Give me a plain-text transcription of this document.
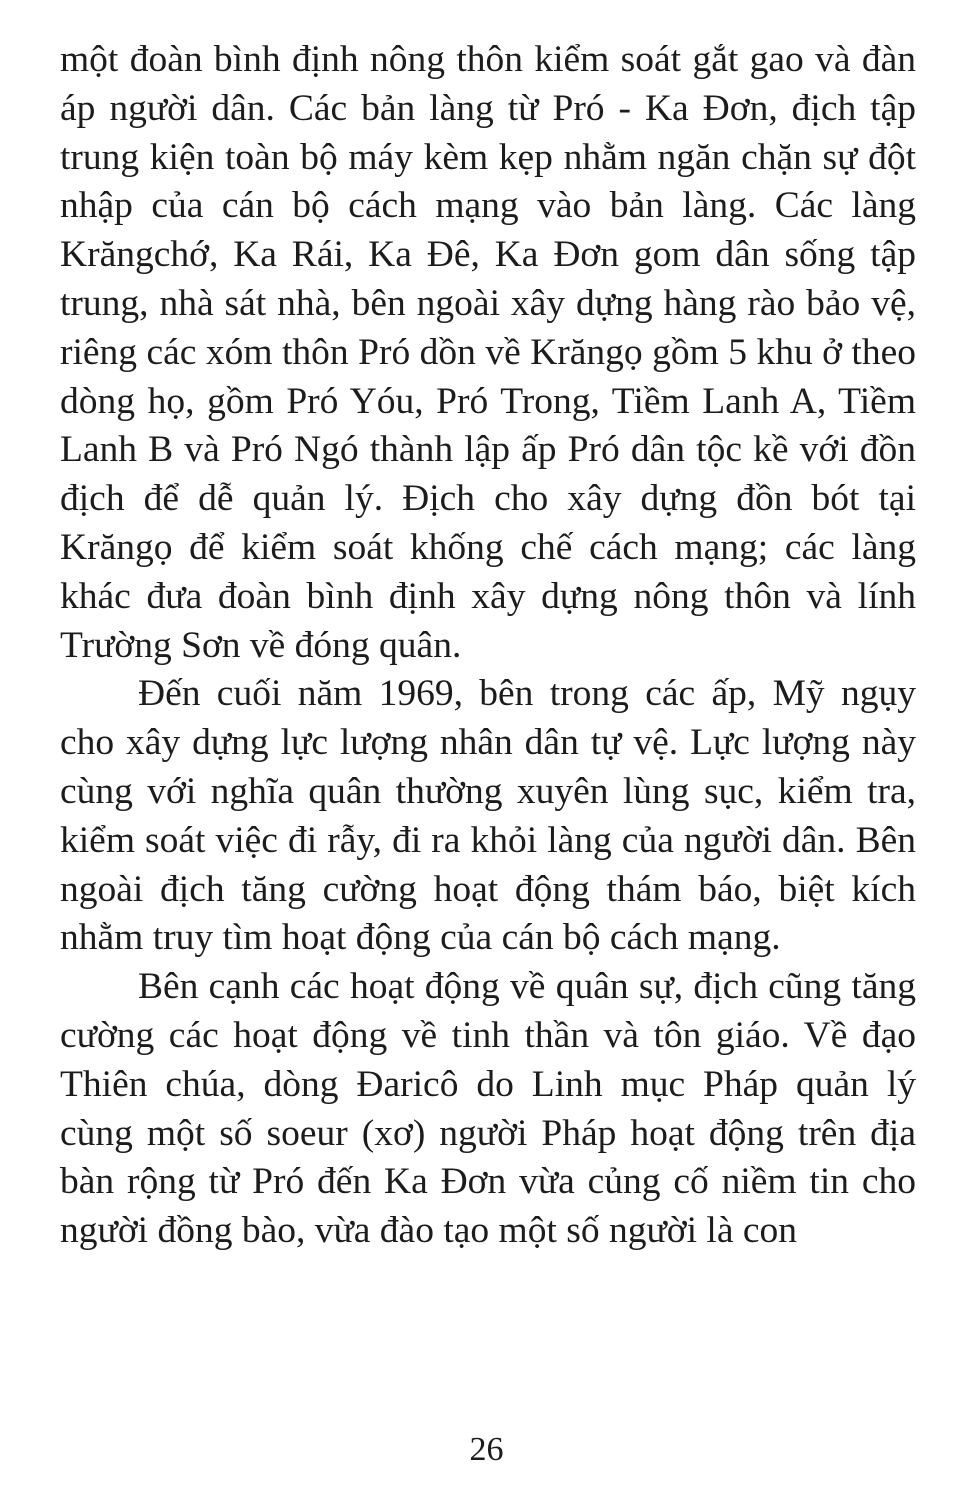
một đoàn bình định nông thôn kiểm soát gắt gao và đàn áp người dân. Các bản làng từ Pró - Ka Đơn, địch tập trung kiện toàn bộ máy kèm kẹp nhằm ngăn chặn sự đột nhập của cán bộ cách mạng vào bản làng. Các làng Krăngchớ, Ka Rái, Ka Đê, Ka Đơn gom dân sống tập trung, nhà sát nhà, bên ngoài xây dựng hàng rào bảo vệ, riêng các xóm thôn Pró dồn về Krăngọ gồm 5 khu ở theo dòng họ, gồm Pró Yóu, Pró Trong, Tiềm Lanh A, Tiềm Lanh B và Pró Ngó thành lập ấp Pró dân tộc kề với đồn địch để dễ quản lý. Địch cho xây dựng đồn bót tại Krăngọ để kiểm soát khống chế cách mạng; các làng khác đưa đoàn bình định xây dựng nông thôn và lính Trường Sơn về đóng quân.

Đến cuối năm 1969, bên trong các ấp, Mỹ ngụy cho xây dựng lực lượng nhân dân tự vệ. Lực lượng này cùng với nghĩa quân thường xuyên lùng sục, kiểm tra, kiểm soát việc đi rẫy, đi ra khỏi làng của người dân. Bên ngoài địch tăng cường hoạt động thám báo, biệt kích nhằm truy tìm hoạt động của cán bộ cách mạng.

Bên cạnh các hoạt động về quân sự, địch cũng tăng cường các hoạt động về tinh thần và tôn giáo. Về đạo Thiên chúa, dòng Đaricô do Linh mục Pháp quản lý cùng một số soeur (xơ) người Pháp hoạt động trên địa bàn rộng từ Pró đến Ka Đơn vừa củng cố niềm tin cho người đồng bào, vừa đào tạo một số người là con

26
